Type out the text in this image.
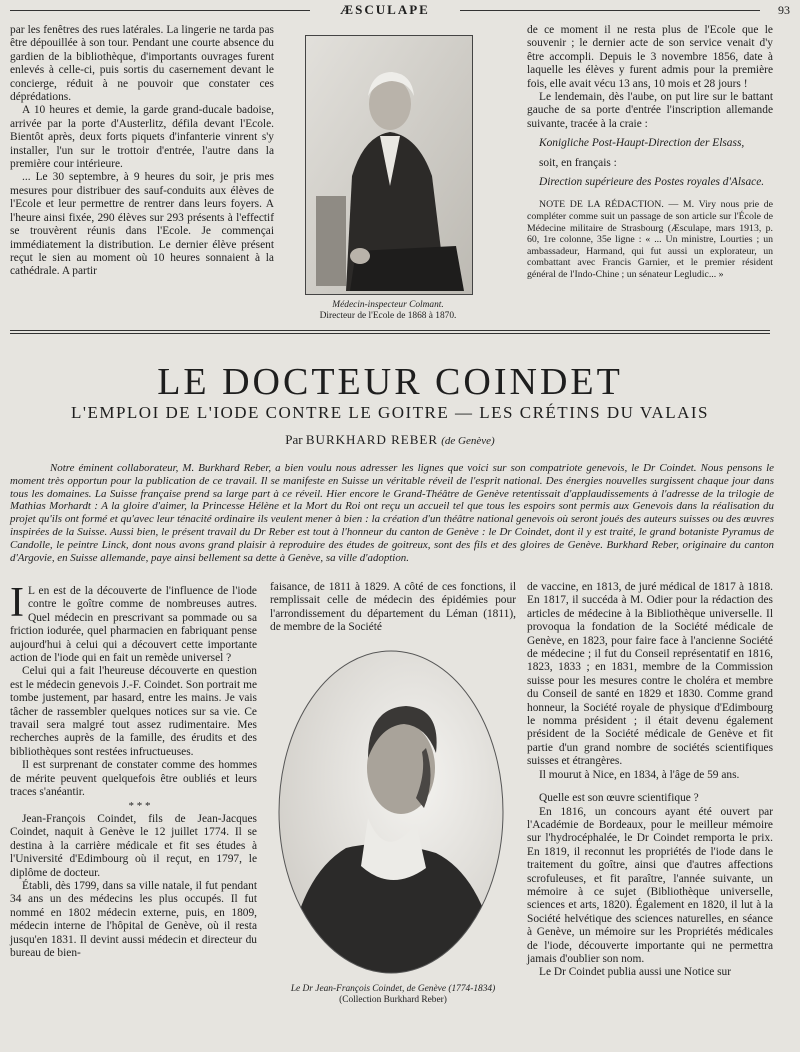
ÆSCULAPE	93

par les fenêtres des rues latérales. La lingerie ne tarda pas être dépouillée à son tour. Pendant une courte absence du gardien de la bibliothèque, d'importants ouvrages furent enlevés à celle-ci, puis sortis du casernement devant le concierge, réduit à ne pouvoir que constater ces déprédations.

A 10 heures et demie, la garde grand-ducale badoise, arrivée par la porte d'Austerlitz, défila devant l'Ecole. Bientôt après, deux forts piquets d'infanterie vinrent s'y installer, l'un sur le trottoir d'entrée, l'autre dans la première cour intérieure.

... Le 30 septembre, à 9 heures du soir, je pris mes mesures pour distribuer des sauf-conduits aux élèves de l'Ecole et leur permettre de rentrer dans leurs foyers. A l'heure ainsi fixée, 290 élèves sur 293 présents à l'effectif se trouvèrent réunis dans l'Ecole. Je commençai immédiatement la distribution. Le dernier élève présent reçut le sien au moment où 10 heures sonnaient à la cathédrale. A partir

Médecin-inspecteur Colmant.
Directeur de l'Ecole de 1868 à 1870.

de ce moment il ne resta plus de l'Ecole que le souvenir ; le dernier acte de son service venait d'y être accompli. Depuis le 3 novembre 1856, date à laquelle les élèves y furent admis pour la première fois, elle avait vécu 13 ans, 10 mois et 28 jours !

Le lendemain, dès l'aube, on put lire sur le battant gauche de sa porte d'entrée l'inscription allemande suivante, tracée à la craie :

Konigliche Post-Haupt-Direction der Elsass,

soit, en français :

Direction supérieure des Postes royales d'Alsace.

NOTE DE LA RÉDACTION. — M. Viry nous prie de compléter comme suit un passage de son article sur l'École de Médecine militaire de Strasbourg (Æsculape, mars 1913, p. 60, 1re colonne, 35e ligne : « ... Un ministre, Lourties ; un ambassadeur, Harmand, qui fut aussi un explorateur, un combattant avec Francis Garnier, et le premier résident général de l'Indo-Chine ; un sénateur Legludic... »

LE DOCTEUR COINDET
L'EMPLOI DE L'IODE CONTRE LE GOITRE — LES CRÉTINS DU VALAIS
Par BURKHARD REBER (de Genève)
Notre éminent collaborateur, M. Burkhard Reber, a bien voulu nous adresser les lignes que voici sur son compatriote genevois, le Dr Coindet. Nous pensons le moment très opportun pour la publication de ce travail. Il se manifeste en Suisse un véritable réveil de l'esprit national. Des énergies nouvelles surgissent chaque jour dans tous les domaines. La Suisse française prend sa large part à ce réveil. Hier encore le Grand-Théâtre de Genève retentissait d'applaudissements à l'adresse de la trilogie de Mathias Morhardt : A la gloire d'aimer, la Princesse Hélène et la Mort du Roi ont reçu un accueil tel que tous les espoirs sont permis aux Genevois dans la réalisation du projet qu'ils ont formé et qu'avec leur ténacité ordinaire ils veulent mener à bien : la création d'un théâtre national genevois où seront joués des auteurs suisses ou des œuvres inspirées de la Suisse. Aussi bien, le présent travail du Dr Reber est tout à l'honneur du canton de Genève : le Dr Coindet, dont il y est traité, le grand botaniste Pyramus de Candolle, le peintre Linck, dont nous avons grand plaisir à reproduire des études de goitreux, sont des fils et des gloires de Genève. Burkhard Reber, originaire du canton d'Argovie, en Suisse allemande, paye ainsi bellement sa dette à Genève, sa ville d'adoption.

I L en est de la découverte de l'influence de l'iode contre le goître comme de nombreuses autres. Quel médecin en prescrivant sa pommade ou sa friction iodurée, quel pharmacien en fabriquant pense aujourd'hui à celui qui a découvert cette importante action de l'iode qui en fait un remède universel ?

Celui qui a fait l'heureuse découverte en question est le médecin genevois J.-F. Coindet. Son portrait me tombe justement, par hasard, entre les mains. Je vais tâcher de rassembler quelques notices sur sa vie. Ce travail sera malgré tout assez rudimentaire. Mes recherches auprès de la famille, des érudits et des bibliothèques sont restées infructueuses.

Il est surprenant de constater comme des hommes de mérite peuvent quelquefois être oubliés et leurs traces s'anéantir.

* * *

Jean-François Coindet, fils de Jean-Jacques Coindet, naquit à Genève le 12 juillet 1774. Il se destina à la carrière médicale et fit ses études à l'Université d'Edimbourg où il reçut, en 1797, le diplôme de docteur.

Établi, dès 1799, dans sa ville natale, il fut pendant 34 ans un des médecins les plus occupés. Il fut nommé en 1802 médecin externe, puis, en 1809, médecin interne de l'hôpital de Genève, où il resta jusqu'en 1831. Il devint aussi médecin et directeur du bureau de bien-

faisance, de 1811 à 1829. A côté de ces fonctions, il remplissait celle de médecin des épidémies pour l'arrondissement du département du Léman (1811), de membre de la Société

Le Dr Jean-François Coindet, de Genève (1774-1834)
(Collection Burkhard Reber)

de vaccine, en 1813, de juré médical de 1817 à 1818. En 1817, il succéda à M. Odier pour la rédaction des articles de médecine à la Bibliothèque universelle. Il provoqua la fondation de la Société médicale de Genève, en 1823, pour faire face à l'ancienne Société de médecine ; il fut du Conseil représentatif en 1816, 1823, 1833 ; en 1831, membre de la Commission suisse pour les mesures contre le choléra et membre du Conseil de santé en 1829 et 1830. Comme grand honneur, la Société royale de physique d'Edimbourg le nomma président ; il était devenu également président de la Société médicale de Genève et fit partie d'un grand nombre de sociétés scientifiques suisses et étrangères.

Il mourut à Nice, en 1834, à l'âge de 59 ans.

Quelle est son œuvre scientifique ?

En 1816, un concours ayant été ouvert par l'Académie de Bordeaux, pour le meilleur mémoire sur l'hydrocéphalée, le Dr Coindet remporta le prix. En 1819, il reconnut les propriétés de l'iode dans le traitement du goître, ainsi que d'autres affections scrofuleuses, et fit paraître, l'année suivante, un mémoire à ce sujet (Bibliothèque universelle, sciences et arts, 1820). Également en 1820, il lut à la Société helvétique des sciences naturelles, en séance à Genève, un mémoire sur les Propriétés médicales de l'iode, découverte importante qui ne permettra jamais d'oublier son nom.

Le Dr Coindet publia aussi une Notice sur
